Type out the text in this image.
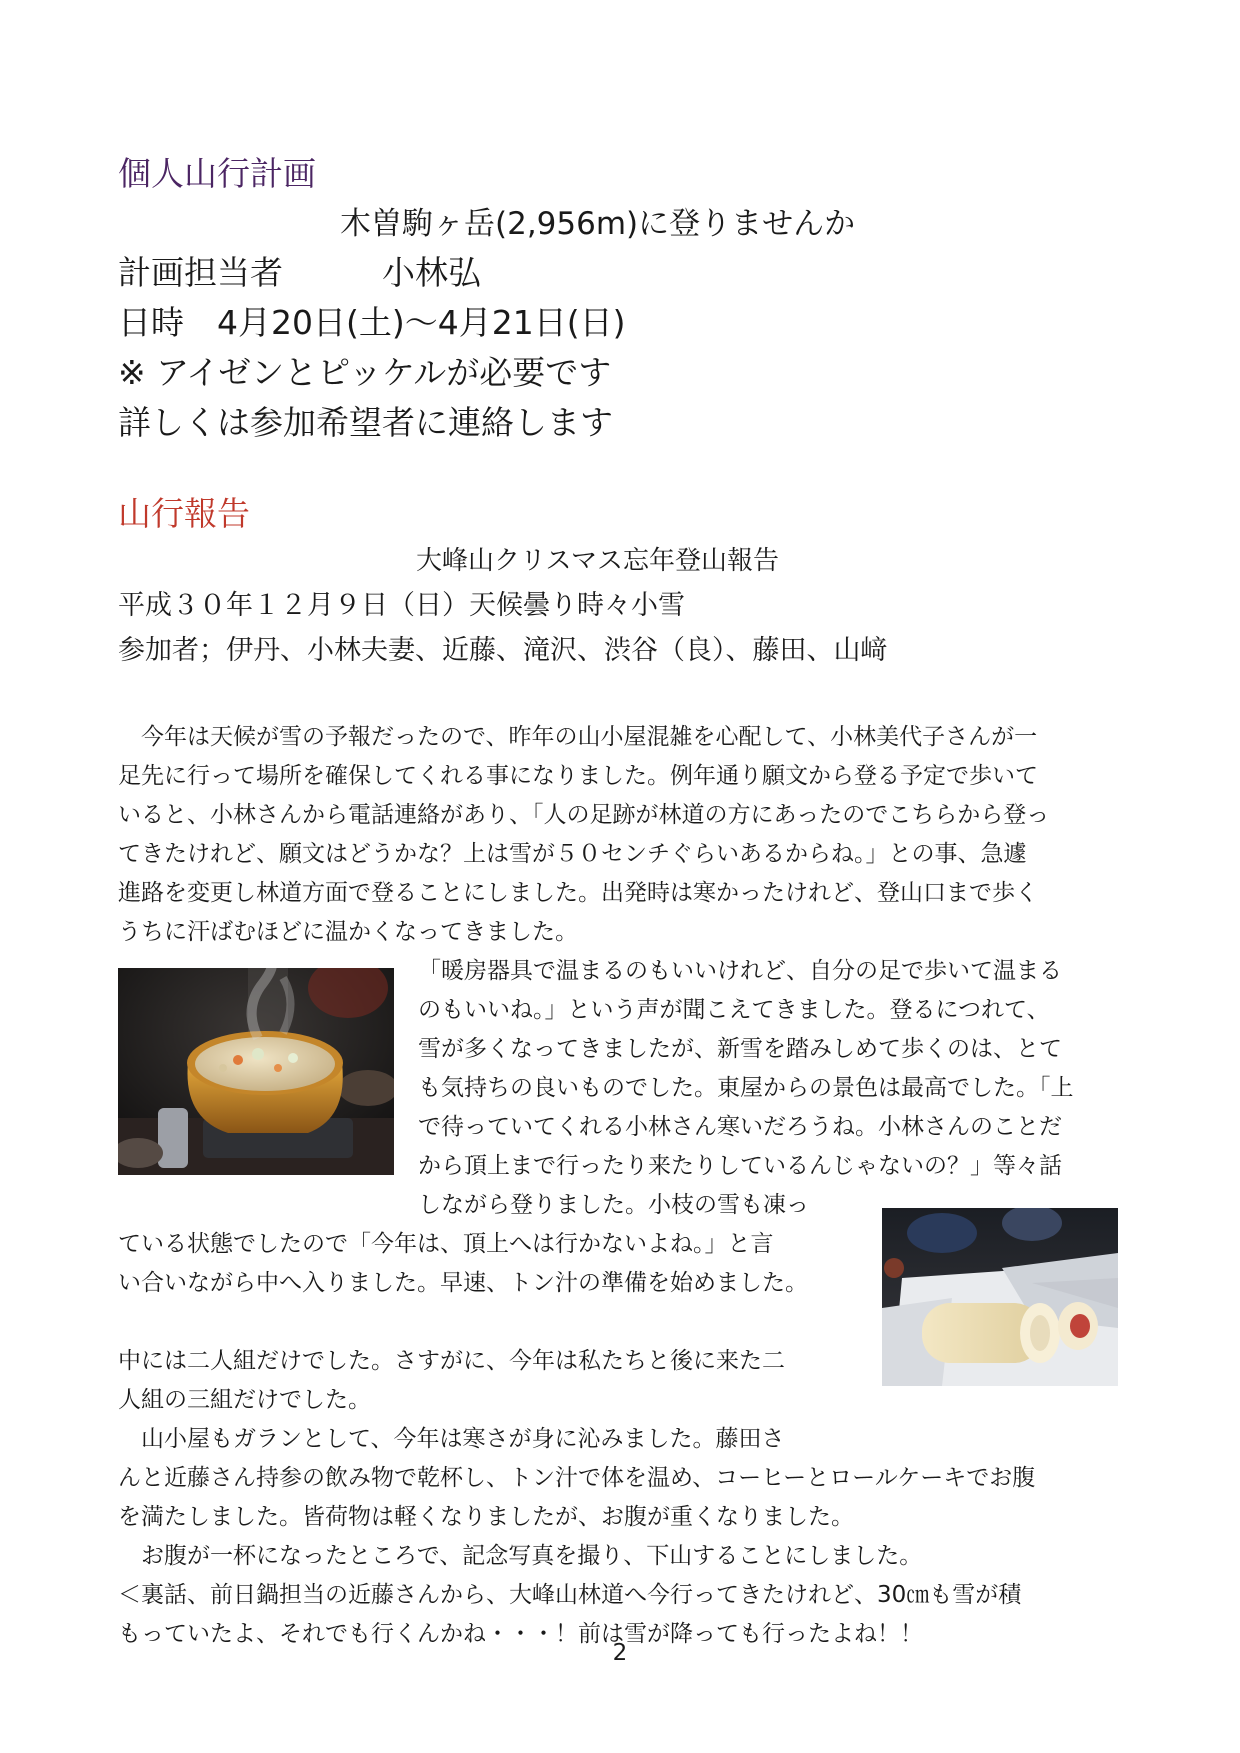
個人山行計画
木曽駒ヶ岳(2,956m)に登りませんか
計画担当者　　　小林弘
日時　4月20日(土)～4月21日(日)
※ アイゼンとピッケルが必要です
詳しくは参加希望者に連絡します
山行報告
大峰山クリスマス忘年登山報告
平成３０年１２月９日（日）天候曇り時々小雪
参加者；伊丹、小林夫妻、近藤、滝沢、渋谷（良）、藤田、山﨑
　今年は天候が雪の予報だったので、昨年の山小屋混雑を心配して、小林美代子さんが一
足先に行って場所を確保してくれる事になりました。例年通り願文から登る予定で歩いて
いると、小林さんから電話連絡があり、「人の足跡が林道の方にあったのでこちらから登っ
てきたけれど、願文はどうかな？上は雪が５０センチぐらいあるからね。」との事、急遽
進路を変更し林道方面で登ることにしました。出発時は寒かったけれど、登山口まで歩く
うちに汗ばむほどに温かくなってきました。
「暖房器具で温まるのもいいけれど、自分の足で歩いて温まる
のもいいね。」という声が聞こえてきました。登るにつれて、
雪が多くなってきましたが、新雪を踏みしめて歩くのは、とて
も気持ちの良いものでした。東屋からの景色は最高でした。「上
で待っていてくれる小林さん寒いだろうね。小林さんのことだ
から頂上まで行ったり来たりしているんじゃないの？」等々話
しながら登りました。小枝の雪も凍っ
ている状態でしたので「今年は、頂上へは行かないよね。」と言
い合いながら中へ入りました。早速、トン汁の準備を始めました。
中には二人組だけでした。さすがに、今年は私たちと後に来た二
人組の三組だけでした。
　山小屋もガランとして、今年は寒さが身に沁みました。藤田さ
んと近藤さん持参の飲み物で乾杯し、トン汁で体を温め、コーヒーとロールケーキでお腹
を満たしました。皆荷物は軽くなりましたが、お腹が重くなりました。
　お腹が一杯になったところで、記念写真を撮り、下山することにしました。
＜裏話、前日鍋担当の近藤さんから、大峰山林道へ今行ってきたけれど、30㎝も雪が積
もっていたよ、それでも行くんかね・・・！前は雪が降っても行ったよね！！
2
